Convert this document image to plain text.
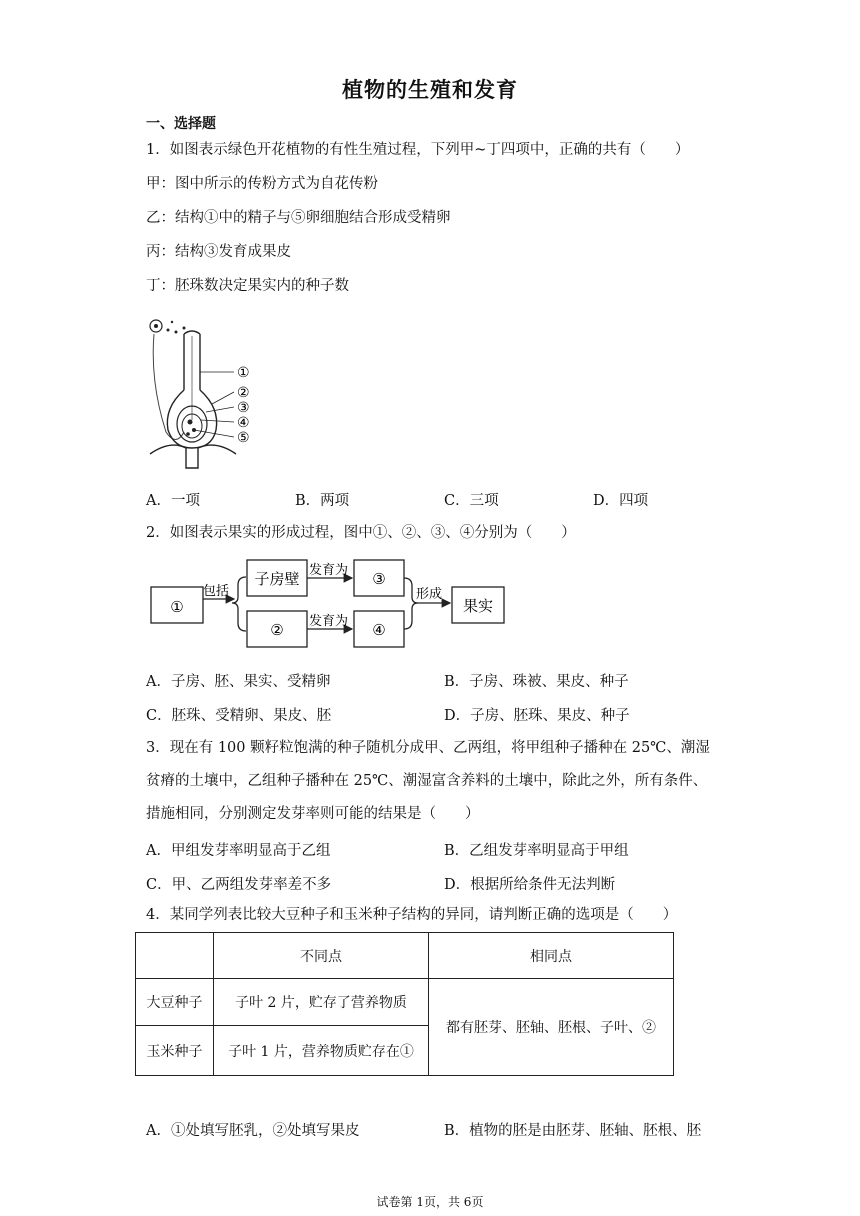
植物的生殖和发育
一、选择题
1．如图表示绿色开花植物的有性生殖过程，下列甲~丁四项中，正确的共有（　　）
甲：图中所示的传粉方式为自花传粉
乙：结构①中的精子与⑤卵细胞结合形成受精卵
丙：结构③发育成果皮
丁：胚珠数决定果实内的种子数
①
②
③
④
⑤
A．一项	B．两项	C．三项	D．四项
2．如图表示果实的形成过程，图中①、②、③、④分别为（　　）
①
包括
子房壁
②
发育为
发育为
③
④
形成
果实
A．子房、胚、果实、受精卵	B．子房、珠被、果皮、种子
C．胚珠、受精卵、果皮、胚	D．子房、胚珠、果皮、种子
3．现在有 100 颗籽粒饱满的种子随机分成甲、乙两组，将甲组种子播种在 25℃、潮湿
贫瘠的土壤中，乙组种子播种在 25℃、潮湿富含养料的土壤中，除此之外，所有条件、
措施相同，分别测定发芽率则可能的结果是（　　）
A．甲组发芽率明显高于乙组	B．乙组发芽率明显高于甲组
C．甲、乙两组发芽率差不多	D．根据所给条件无法判断
4．某同学列表比较大豆种子和玉米种子结构的异同，请判断正确的选项是（　　）
	不同点	相同点
大豆种子	子叶 2 片，贮存了营养物质	都有胚芽、胚轴、胚根、子叶、②
玉米种子	子叶 1 片，营养物质贮存在①	
A．①处填写胚乳，②处填写果皮	B．植物的胚是由胚芽、胚轴、胚根、胚
试卷第 1页，共 6页
